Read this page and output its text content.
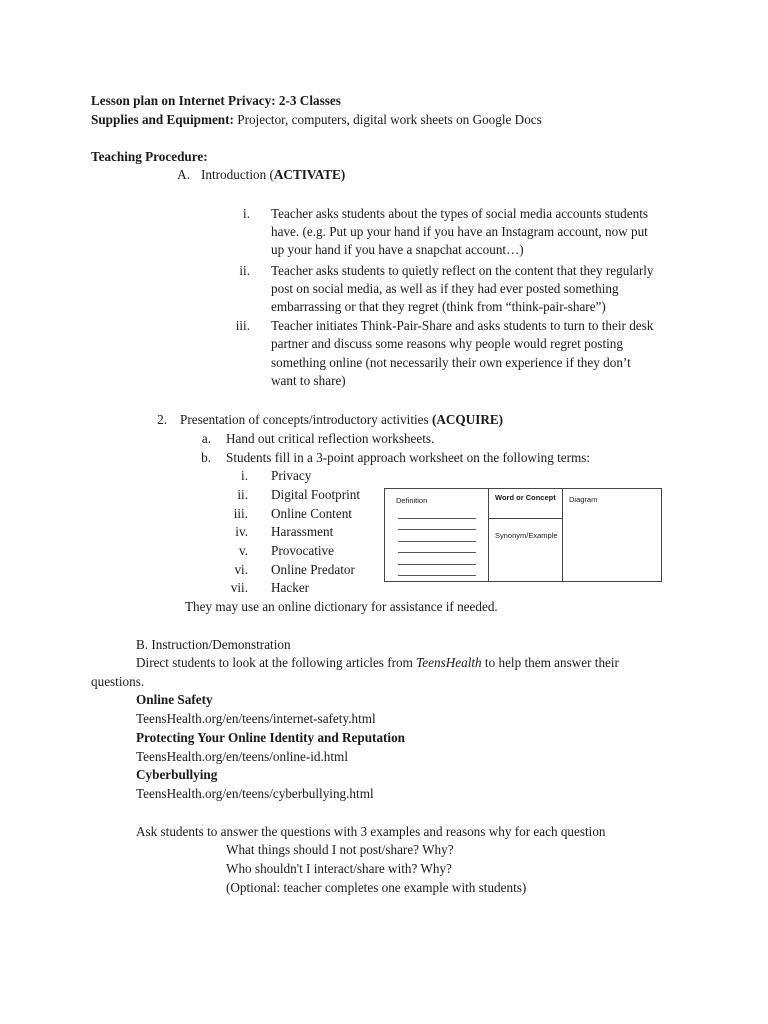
Lesson plan on Internet Privacy: 2-3 Classes
Supplies and Equipment: Projector, computers, digital work sheets on Google Docs
Teaching Procedure:
A. Introduction (ACTIVATE)
i. Teacher asks students about the types of social media accounts students
have. (e.g. Put up your hand if you have an Instagram account, now put
up your hand if you have a snapchat account…)
ii. Teacher asks students to quietly reflect on the content that they regularly
post on social media, as well as if they had ever posted something
embarrassing or that they regret (think from “think-pair-share”)
iii. Teacher initiates Think-Pair-Share and asks students to turn to their desk
partner and discuss some reasons why people would regret posting
something online (not necessarily their own experience if they don’t
want to share)
2. Presentation of concepts/introductory activities (ACQUIRE)
a. Hand out critical reflection worksheets.
b. Students fill in a 3-point approach worksheet on the following terms:
i. Privacy
ii. Digital Footprint
iii. Online Content
iv. Harassment
v. Provocative
vi. Online Predator
vii. Hacker
Definition	Word or Concept Diagram
Synonym/Example
They may use an online dictionary for assistance if needed.
B. Instruction/Demonstration
Direct students to look at the following articles from TeensHealth to help them answer their
questions.
Online Safety
TeensHealth.org/en/teens/internet-safety.html
Protecting Your Online Identity and Reputation
TeensHealth.org/en/teens/online-id.html
Cyberbullying
TeensHealth.org/en/teens/cyberbullying.html
Ask students to answer the questions with 3 examples and reasons why for each question
What things should I not post/share? Why?
Who shouldn't I interact/share with? Why?
(Optional: teacher completes one example with students)
